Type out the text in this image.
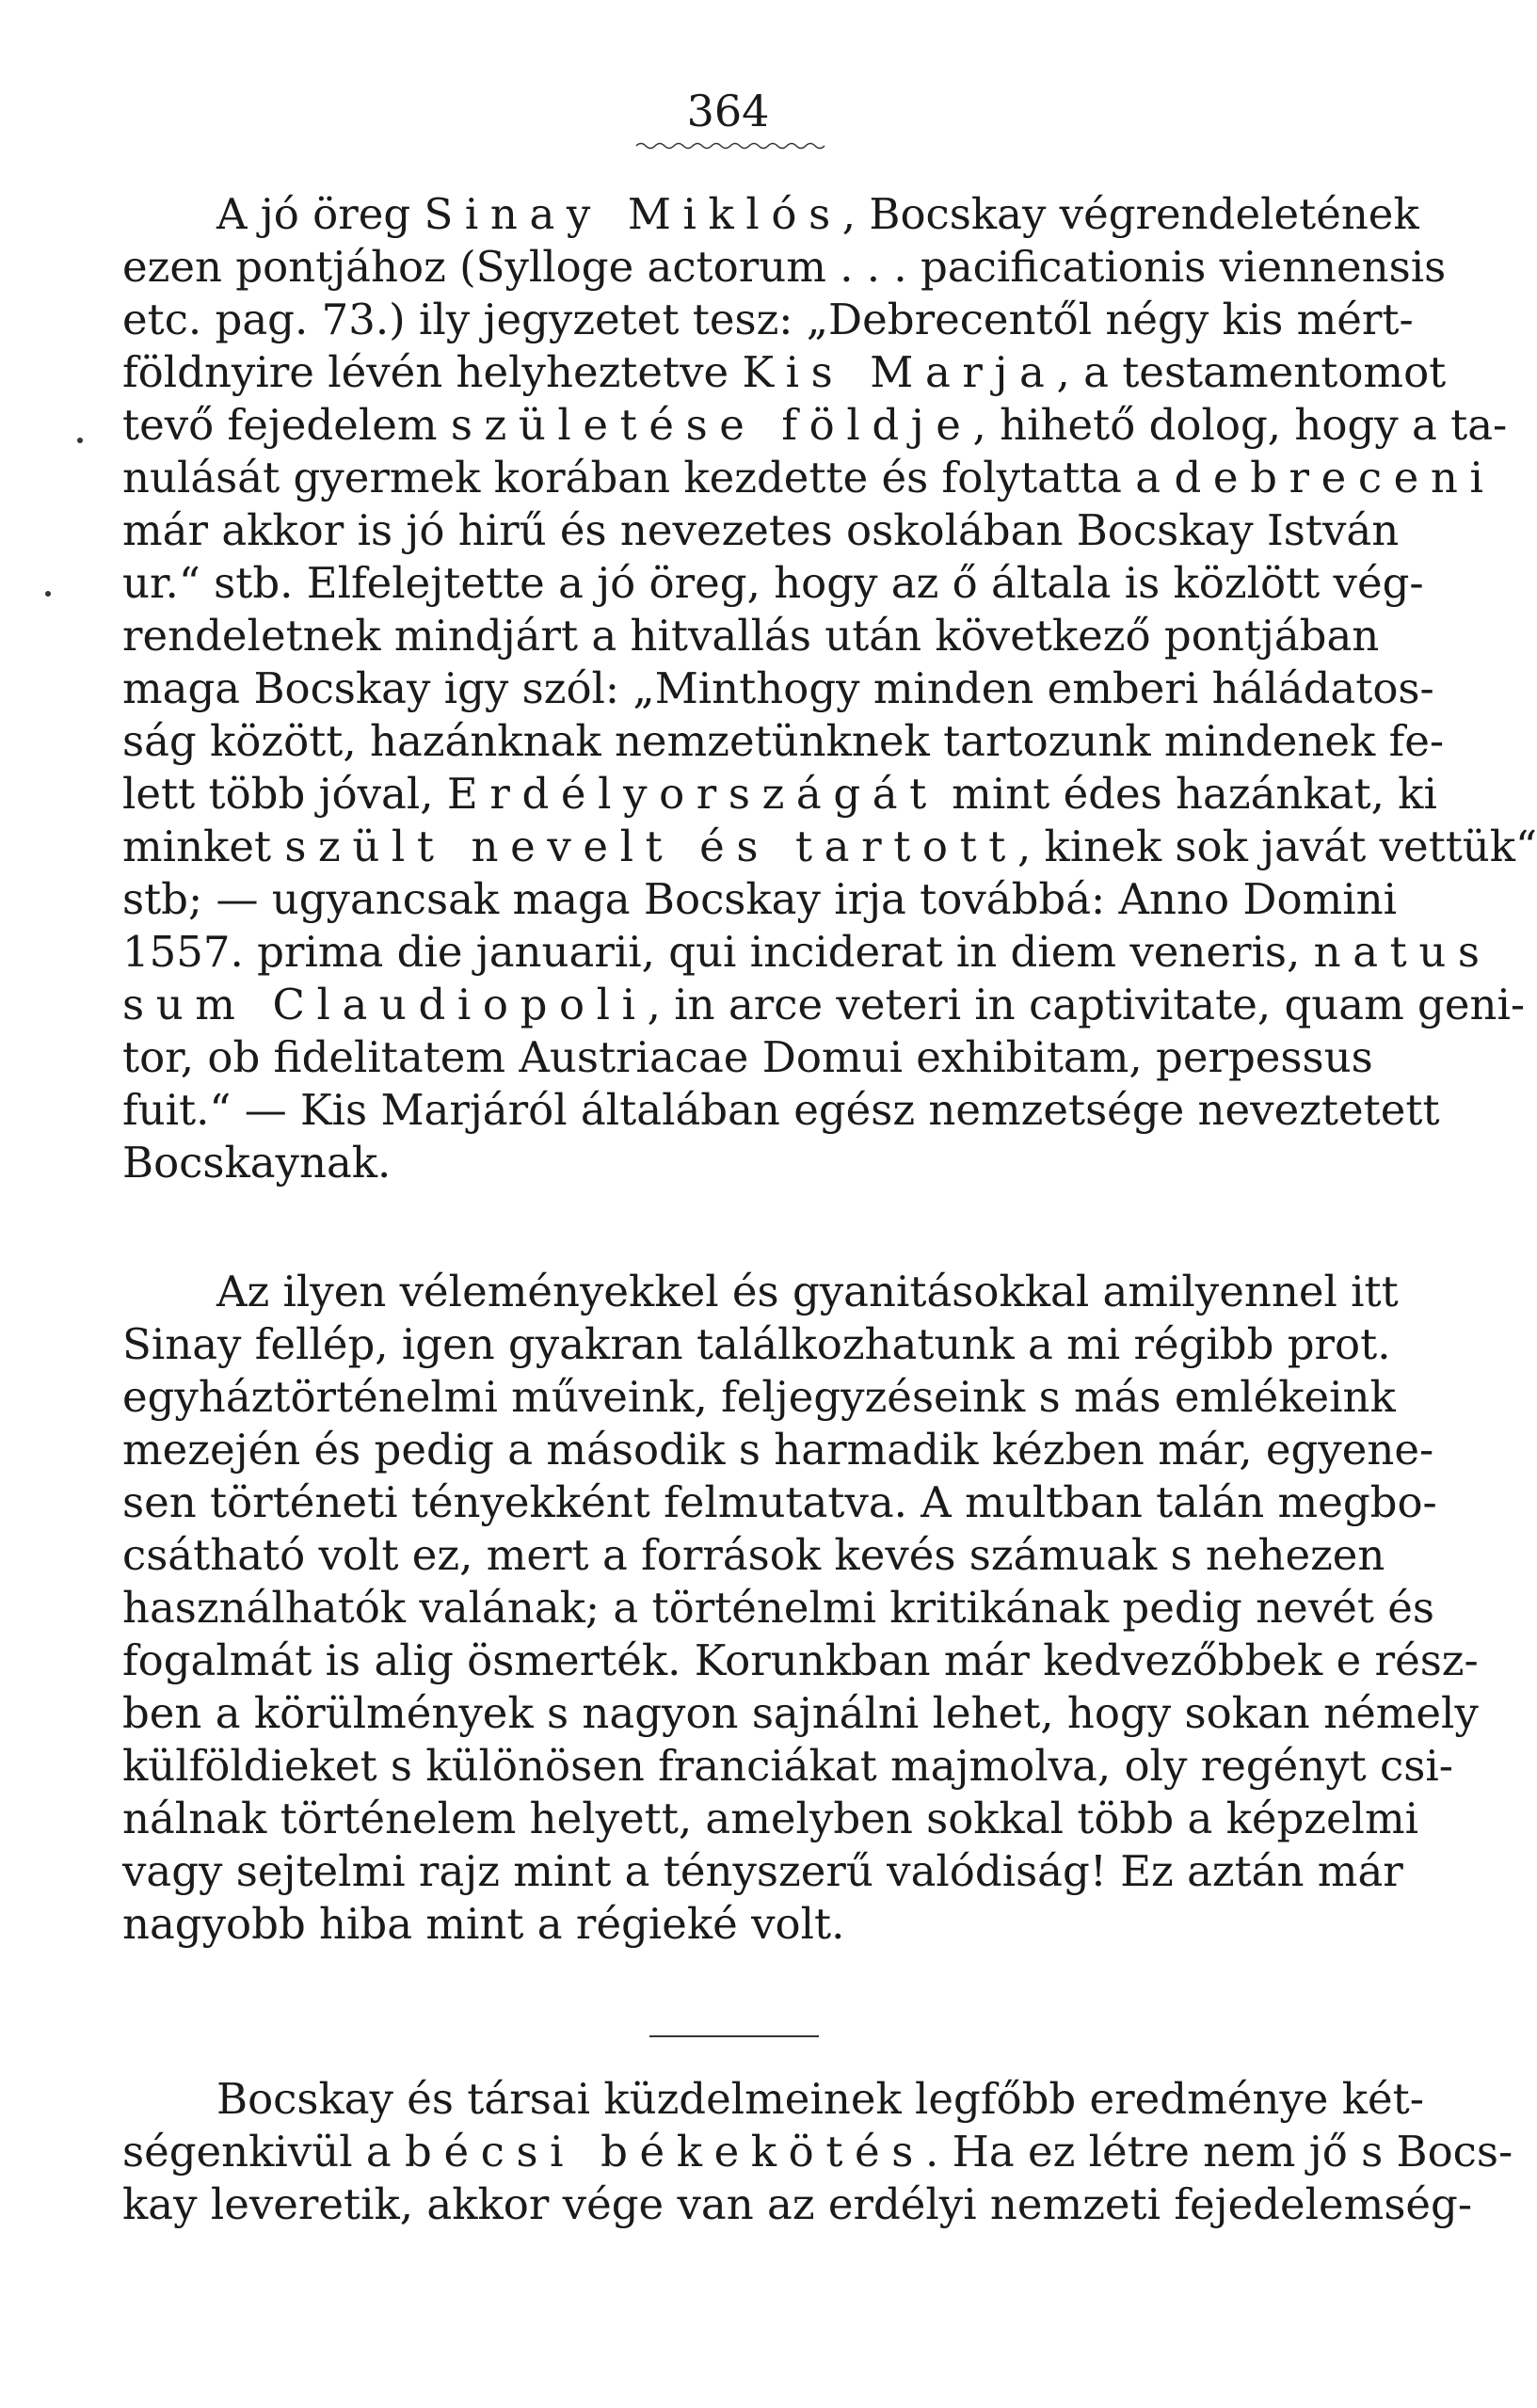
364
A jó öreg Sinay Miklós, Bocskay végrendeletének
ezen pontjához (Sylloge actorum . . . pacificationis viennensis
etc. pag. 73.) ily jegyzetet tesz: „Debrecentől négy kis mért-
földnyire lévén helyheztetve Kis Marja, a testamentomot
tevő fejedelem születése földje, hihető dolog, hogy a ta-
nulását gyermek korában kezdette és folytatta a debreceni
már akkor is jó hirű és nevezetes oskolában Bocskay István
ur.“ stb. Elfelejtette a jó öreg, hogy az ő általa is közlött vég-
rendeletnek mindjárt a hitvallás után következő pontjában
maga Bocskay igy szól: „Minthogy minden emberi háládatos-
ság között, hazánknak nemzetünknek tartozunk mindenek fe-
lett több jóval, Erdélyországát mint édes hazánkat, ki
minket szült nevelt és tartott, kinek sok javát vettük“
stb; — ugyancsak maga Bocskay irja továbbá: Anno Domini
1557. prima die januarii, qui inciderat in diem veneris, natus
sum Claudiopoli, in arce veteri in captivitate, quam geni-
tor, ob fidelitatem Austriacae Domui exhibitam, perpessus
fuit.“ — Kis Marjáról általában egész nemzetsége neveztetett
Bocskaynak.
Az ilyen véleményekkel és gyanitásokkal amilyennel itt
Sinay fellép, igen gyakran találkozhatunk a mi régibb prot.
egyháztörténelmi műveink, feljegyzéseink s más emlékeink
mezején és pedig a második s harmadik kézben már, egyene-
sen történeti tényekként felmutatva. A multban talán megbo-
csátható volt ez, mert a források kevés számuak s nehezen
használhatók valának; a történelmi kritikának pedig nevét és
fogalmát is alig ösmerték. Korunkban már kedvezőbbek e rész-
ben a körülmények s nagyon sajnálni lehet, hogy sokan némely
külföldieket s különösen franciákat majmolva, oly regényt csi-
nálnak történelem helyett, amelyben sokkal több a képzelmi
vagy sejtelmi rajz mint a tényszerű valódiság! Ez aztán már
nagyobb hiba mint a régieké volt.
Bocskay és társai küzdelmeinek legfőbb eredménye két-
ségenkivül a bécsi békekötés. Ha ez létre nem jő s Bocs-
kay leveretik, akkor vége van az erdélyi nemzeti fejedelemség-
